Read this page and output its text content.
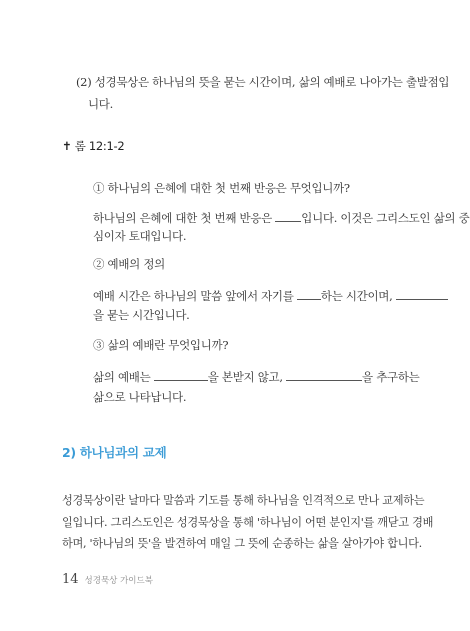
(2) 성경묵상은 하나님의 뜻을 묻는 시간이며, 삶의 예배로 나아가는 출발점입
니다.
✝ 롬 12:1-2
① 하나님의 은혜에 대한 첫 번째 반응은 무엇입니까?
하나님의 은혜에 대한 첫 번째 반응은 입니다. 이것은 그리스도인 삶의 중
심이자 토대입니다.
② 예배의 정의
예배 시간은 하나님의 말씀 앞에서 자기를 하는 시간이며,
을 묻는 시간입니다.
③ 삶의 예배란 무엇입니까?
삶의 예배는	을 본받지 않고,	을 추구하는
삶으로 나타납니다.
2) 하나님과의 교제
성경묵상이란 날마다 말씀과 기도를 통해 하나님을 인격적으로 만나 교제하는
일입니다. 그리스도인은 성경묵상을 통해 '하나님이 어떤 분인지'를 깨닫고 경배
하며, '하나님의 뜻'을 발견하여 매일 그 뜻에 순종하는 삶을 살아가야 합니다.
14 성경묵상 가이드북
